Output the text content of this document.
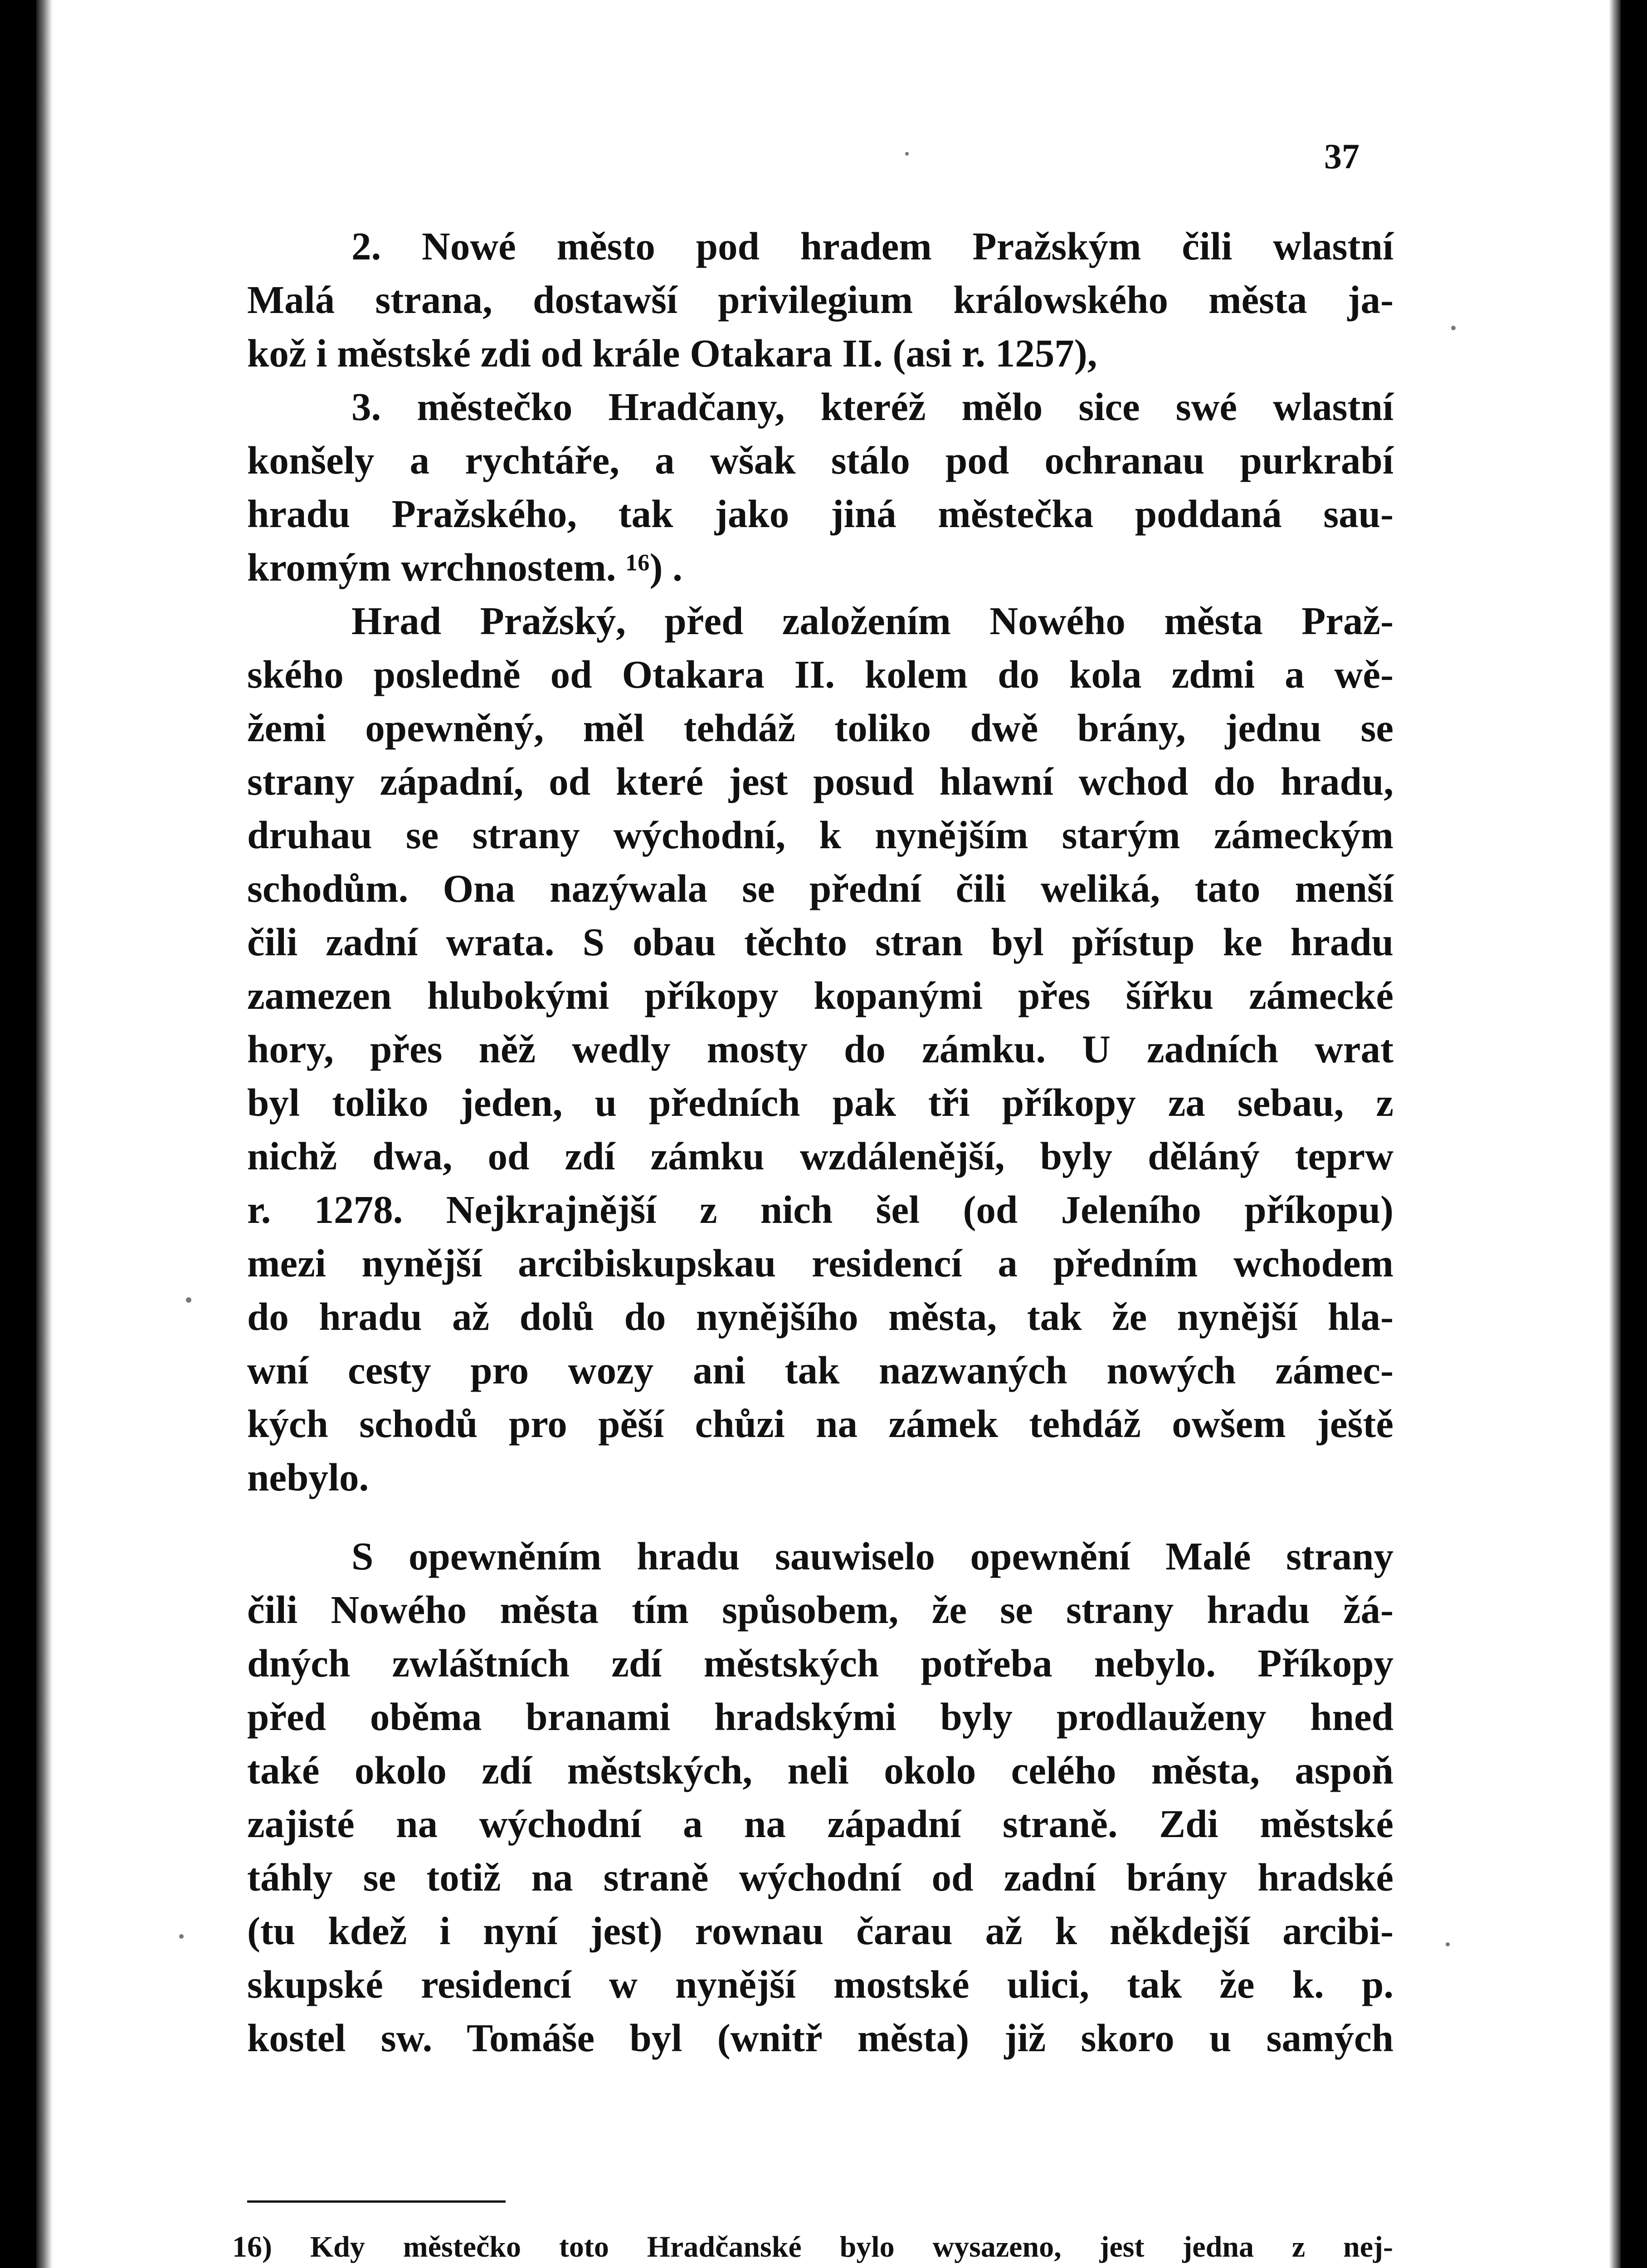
37
2. Nowé město pod hradem Pražským čili wlastní
Malá strana, dostawší privilegium králowského města ja-
kož i městské zdi od krále Otakara II. (asi r. 1257),
3. městečko Hradčany, kteréž mělo sice swé wlastní
konšely a rychtáře, a wšak stálo pod ochranau purkrabí
hradu Pražského, tak jako jiná městečka poddaná sau-
kromým wrchnostem. ¹⁶) .
Hrad Pražský, před založením Nowého města Praž-
ského posledně od Otakara II. kolem do kola zdmi a wě-
žemi opewněný, měl tehdáž toliko dwě brány, jednu se
strany západní, od které jest posud hlawní wchod do hradu,
druhau se strany wýchodní, k nynějším starým zámeckým
schodům. Ona nazýwala se přední čili weliká, tato menší
čili zadní wrata. S obau těchto stran byl přístup ke hradu
zamezen hlubokými příkopy kopanými přes šířku zámecké
hory, přes něž wedly mosty do zámku. U zadních wrat
byl toliko jeden, u předních pak tři příkopy za sebau, z
nichž dwa, od zdí zámku wzdálenější, byly děláný teprw
r. 1278. Nejkrajnější z nich šel (od Jeleního příkopu)
mezi nynější arcibiskupskau residencí a předním wchodem
do hradu až dolů do nynějšího města, tak že nynější hla-
wní cesty pro wozy ani tak nazwaných nowých zámec-
kých schodů pro pěší chůzi na zámek tehdáž owšem ještě
nebylo.
S opewněním hradu sauwiselo opewnění Malé strany
čili Nowého města tím spůsobem, že se strany hradu žá-
dných zwláštních zdí městských potřeba nebylo. Příkopy
před oběma branami hradskými byly prodlauženy hned
také okolo zdí městských, neli okolo celého města, aspoň
zajisté na wýchodní a na západní straně. Zdi městské
táhly se totiž na straně wýchodní od zadní brány hradské
(tu kdež i nyní jest) rownau čarau až k někdejší arcibi-
skupské residencí w nynější mostské ulici, tak že k. p.
kostel sw. Tomáše byl (wnitř města) již skoro u samých
16) Kdy městečko toto Hradčanské bylo wysazeno, jest jedna z nej-
